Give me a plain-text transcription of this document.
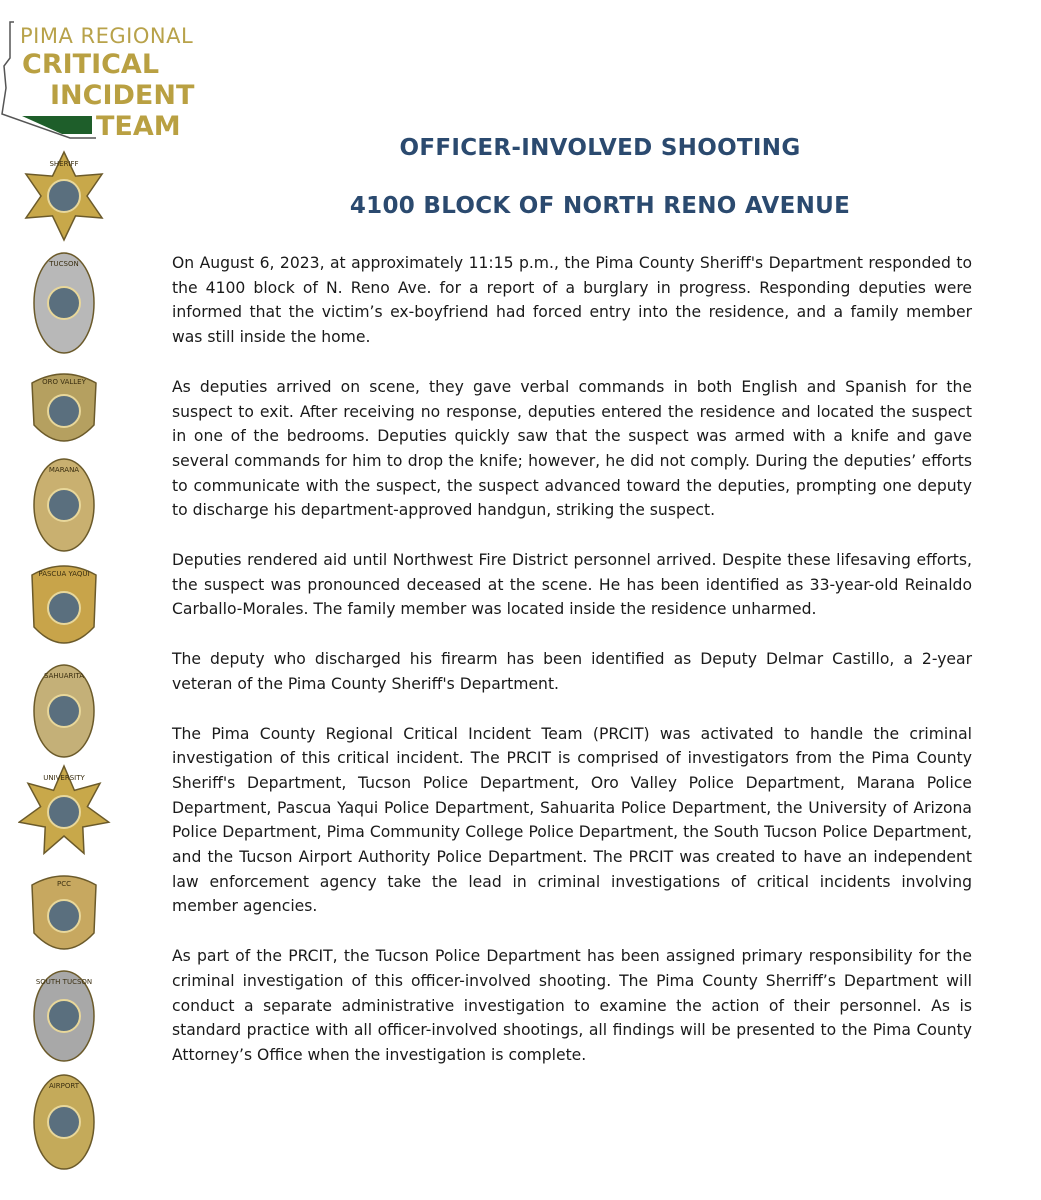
PIMA REGIONAL
CRITICAL
INCIDENT
TEAM
SHERIFF
TUCSON
ORO VALLEY
MARANA
PASCUA YAQUI
SAHUARITA
UNIVERSITY
PCC
SOUTH TUCSON
AIRPORT
OFFICER-INVOLVED SHOOTING
4100 BLOCK OF NORTH RENO AVENUE

On August 6, 2023, at approximately 11:15 p.m., the Pima County Sheriff's Department responded to the 4100 block of N. Reno Ave. for a report of a burglary in progress. Responding deputies were informed that the victim’s ex-boyfriend had forced entry into the residence, and a family member was still inside the home.

As deputies arrived on scene, they gave verbal commands in both English and Spanish for the suspect to exit. After receiving no response, deputies entered the residence and located the suspect in one of the bedrooms. Deputies quickly saw that the suspect was armed with a knife and gave several commands for him to drop the knife; however, he did not comply. During the deputies’ efforts to communicate with the suspect, the suspect advanced toward the deputies, prompting one deputy to discharge his department-approved handgun, striking the suspect.

Deputies rendered aid until Northwest Fire District personnel arrived. Despite these lifesaving efforts, the suspect was pronounced deceased at the scene. He has been identified as 33-year-old Reinaldo Carballo-Morales. The family member was located inside the residence unharmed.

The deputy who discharged his firearm has been identified as Deputy Delmar Castillo, a 2-year veteran of the Pima County Sheriff's Department.

The Pima County Regional Critical Incident Team (PRCIT) was activated to handle the criminal investigation of this critical incident. The PRCIT is comprised of investigators from the Pima County Sheriff's Department, Tucson Police Department, Oro Valley Police Department, Marana Police Department, Pascua Yaqui Police Department, Sahuarita Police Department, the University of Arizona Police Department, Pima Community College Police Department, the South Tucson Police Department, and the Tucson Airport Authority Police Department. The PRCIT was created to have an independent law enforcement agency take the lead in criminal investigations of critical incidents involving member agencies.

As part of the PRCIT, the Tucson Police Department has been assigned primary responsibility for the criminal investigation of this officer-involved shooting. The Pima County Sherriff’s Department will conduct a separate administrative investigation to examine the action of their personnel. As is standard practice with all officer-involved shootings, all findings will be presented to the Pima County Attorney’s Office when the investigation is complete.
